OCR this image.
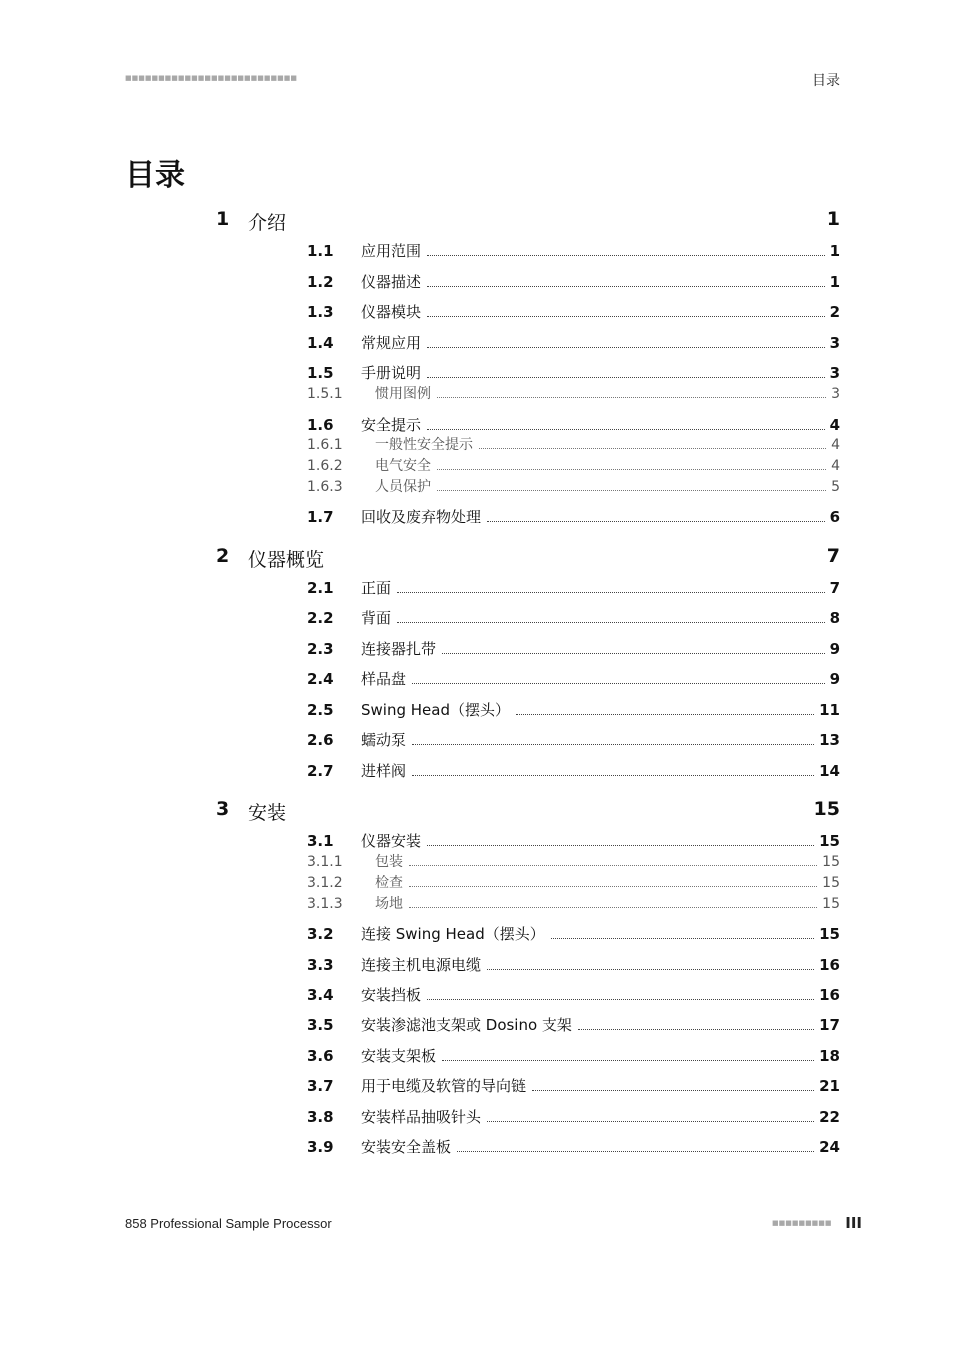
■■■■■■■■■■■■■■■■■■■■■■■■■■	目录
目录
1 介绍	1
1.1	应用范围	1
1.2	仪器描述	1
1.3	仪器模块	2
1.4	常规应用	3
1.5	手册说明	3
1.5.1	惯用图例	3
1.6	安全提示	4
1.6.1	一般性安全提示	4
1.6.2	电气安全	4
1.6.3	人员保护	5
1.7	回收及废弃物处理	6
2 仪器概览	7
2.1	正面	7
2.2	背面	8
2.3	连接器扎带	9
2.4	样品盘	9
2.5	Swing Head（摆头）	11
2.6	蠕动泵	13
2.7	进样阀	14
3 安装	15
3.1	仪器安装	15
3.1.1	包装	15
3.1.2	检查	15
3.1.3	场地	15
3.2	连接 Swing Head（摆头）	15
3.3	连接主机电源电缆	16
3.4	安装挡板	16
3.5	安装渗滤池支架或 Dosino 支架	17
3.6	安装支架板	18
3.7	用于电缆及软管的导向链	21
3.8	安装样品抽吸针头	22
3.9	安装安全盖板	24
858 Professional Sample Processor	■■■■■■■■■ III
